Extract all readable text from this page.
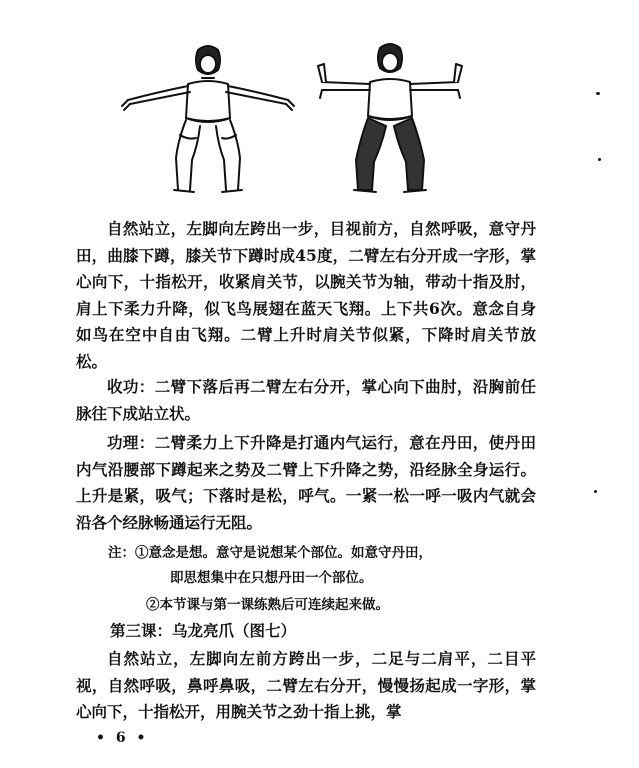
自然站立，左脚向左跨出一步，目视前方，自然呼吸，意守丹田，曲膝下蹲，膝关节下蹲时成45度，二臂左右分开成一字形，掌心向下，十指松开，收紧肩关节，以腕关节为轴，带动十指及肘，肩上下柔力升降，似飞鸟展翅在蓝天飞翔。上下共6次。意念自身如鸟在空中自由飞翔。二臂上升时肩关节似紧，下降时肩关节放松。

收功：二臂下落后再二臂左右分开，掌心向下曲肘，沿胸前任脉往下成站立状。

功理：二臂柔力上下升降是打通内气运行，意在丹田，使丹田内气沿腰部下蹲起来之势及二臂上下升降之势，沿经脉全身运行。上升是紧，吸气；下落时是松，呼气。一紧一松一呼一吸内气就会沿各个经脉畅通运行无阻。

注：①意念是想。意守是说想某个部位。如意守丹田，
即思想集中在只想丹田一个部位。
②本节课与第一课练熟后可连续起来做。
第三课：乌龙亮爪（图七）

自然站立，左脚向左前方跨出一步，二足与二肩平，二目平视，自然呼吸，鼻呼鼻吸，二臂左右分开，慢慢扬起成一字形，掌心向下，十指松开，用腕关节之劲十指上挑，掌

• 6 •
